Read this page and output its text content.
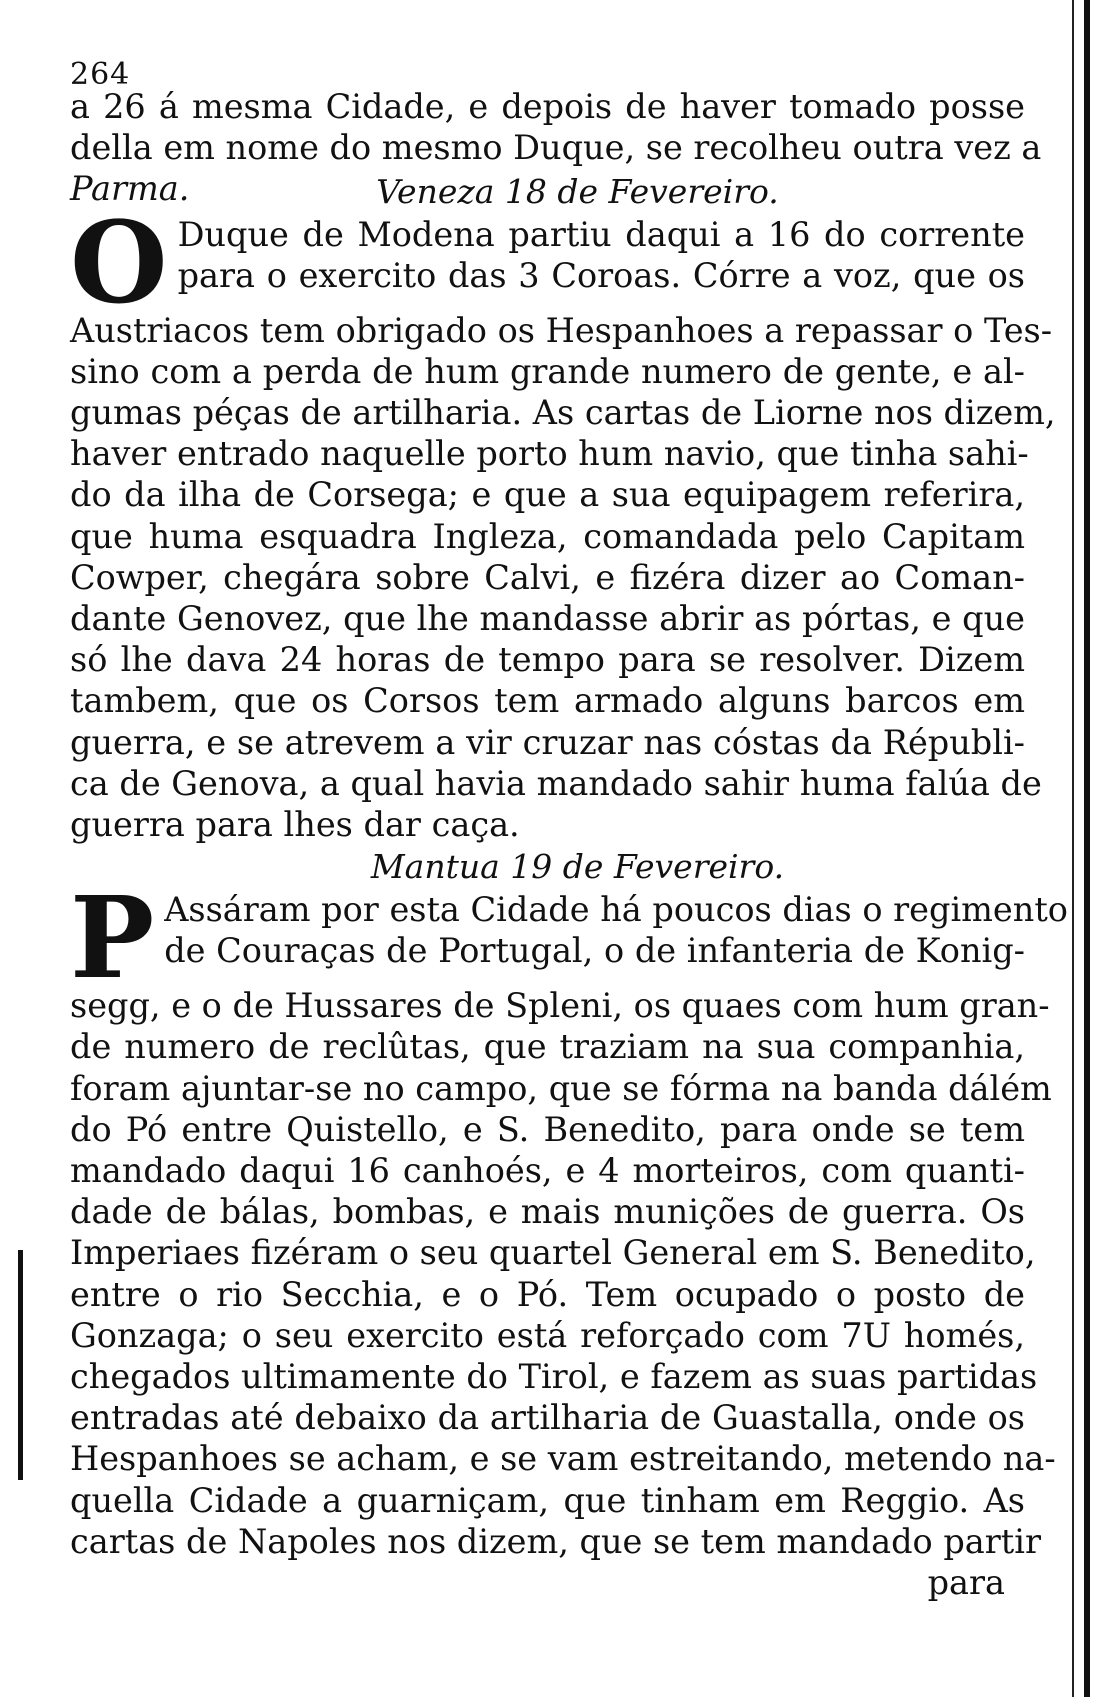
264
a 26 á mesma Cidade, e depois de haver tomado posse
della em nome do mesmo Duque, se recolheu outra vez a
Parma.	Veneza 18 de Fevereiro.
O Duque de Modena partiu daqui a 16 do corrente
para o exercito das 3 Coroas. Córre a voz, que os
Austriacos tem obrigado os Hespanhoes a repassar o Tes-
sino com a perda de hum grande numero de gente, e al-
gumas péças de artilharia. As cartas de Liorne nos dizem,
haver entrado naquelle porto hum navio, que tinha sahi-
do da ilha de Corsega; e que a sua equipagem referira,
que huma esquadra Ingleza, comandada pelo Capitam
Cowper, chegára sobre Calvi, e fizéra dizer ao Coman-
dante Genovez, que lhe mandasse abrir as pórtas, e que
só lhe dava 24 horas de tempo para se resolver. Dizem
tambem, que os Corsos tem armado alguns barcos em
guerra, e se atrevem a vir cruzar nas cóstas da Républi-
ca de Genova, a qual havia mandado sahir huma falúa de
guerra para lhes dar caça.
Mantua 19 de Fevereiro.
P Assáram por esta Cidade há poucos dias o regimento
de Couraças de Portugal, o de infanteria de Konig-
segg, e o de Hussares de Spleni, os quaes com hum gran-
de numero de reclûtas, que traziam na sua companhia,
foram ajuntar-se no campo, que se fórma na banda dálém
do Pó entre Quistello, e S. Benedito, para onde se tem
mandado daqui 16 canhoés, e 4 morteiros, com quanti-
dade de bálas, bombas, e mais munições de guerra. Os
Imperiaes fizéram o seu quartel General em S. Benedito,
entre o rio Secchia, e o Pó. Tem ocupado o posto de
Gonzaga; o seu exercito está reforçado com 7U homés,
chegados ultimamente do Tirol, e fazem as suas partidas
entradas até debaixo da artilharia de Guastalla, onde os
Hespanhoes se acham, e se vam estreitando, metendo na-
quella Cidade a guarniçam, que tinham em Reggio. As
cartas de Napoles nos dizem, que se tem mandado partir
para
